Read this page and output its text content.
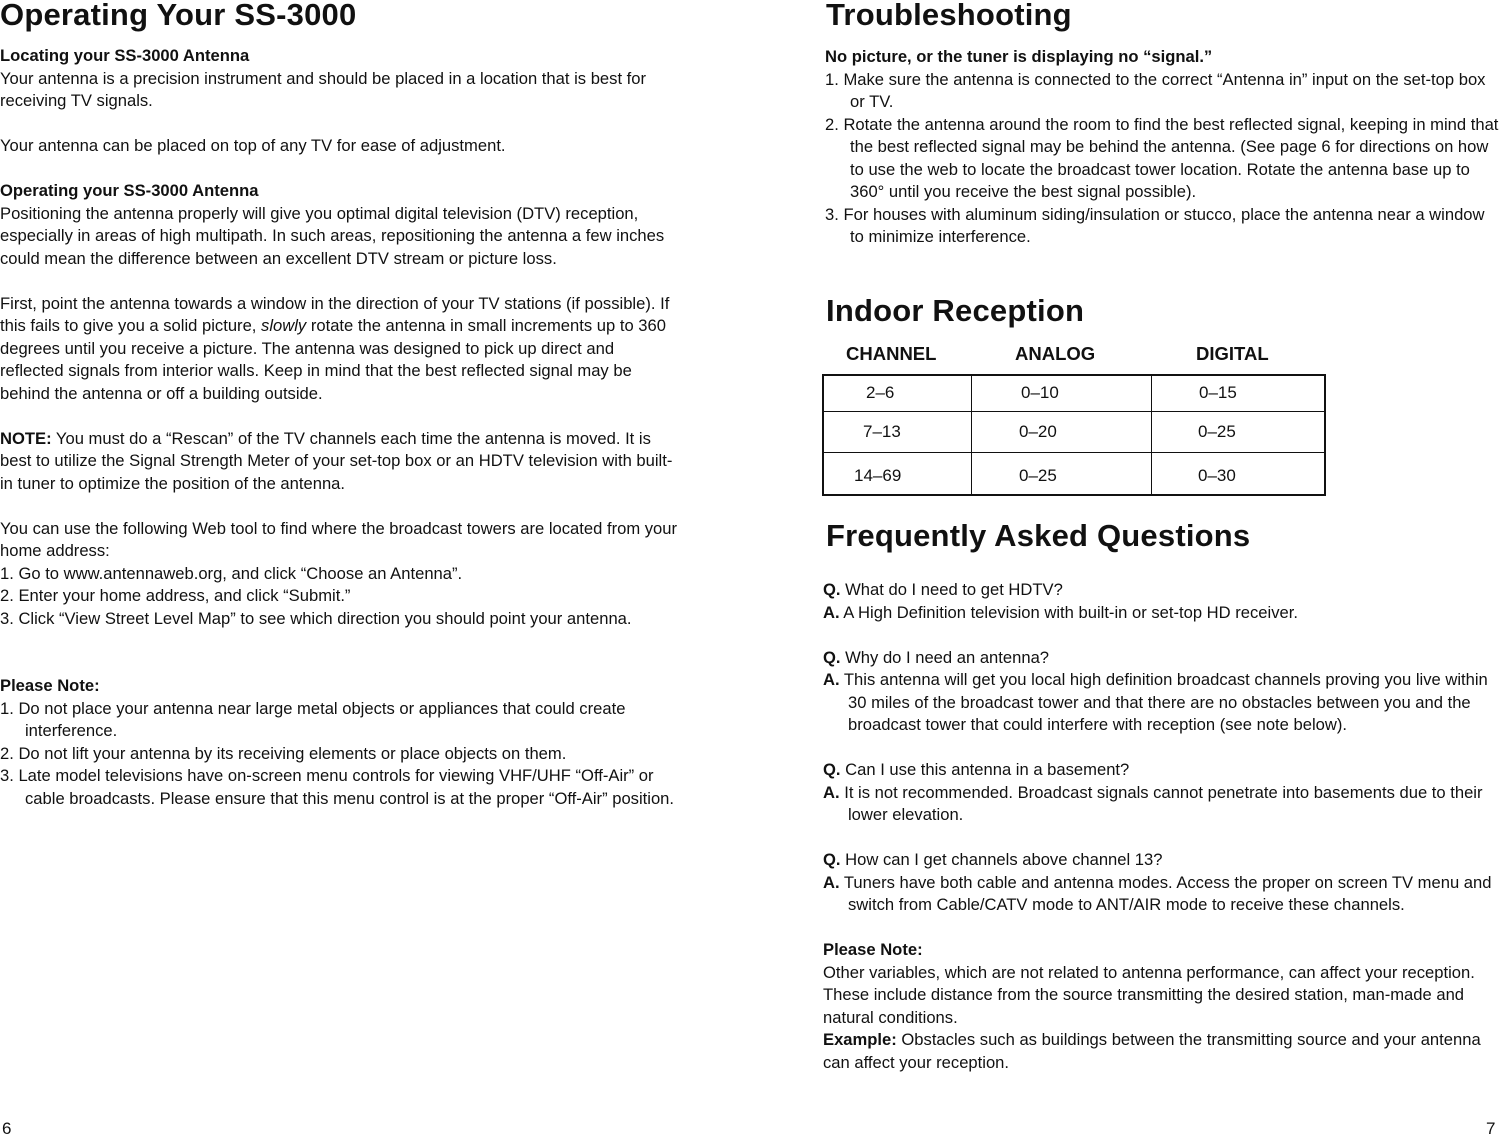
Operating Your SS-3000
Locating your SS-3000 Antenna

Your antenna is a precision instrument and should be placed in a location that is best for receiving TV signals.

Your antenna can be placed on top of any TV for ease of adjustment.

Operating your SS-3000 Antenna

Positioning the antenna properly will give you optimal digital television (DTV) reception, especially in areas of high multipath. In such areas, repositioning the antenna a few inches could mean the difference between an excellent DTV stream or picture loss.

First, point the antenna towards a window in the direction of your TV stations (if possible). If this fails to give you a solid picture, slowly rotate the antenna in small increments up to 360 degrees until you receive a picture. The antenna was designed to pick up direct and reflected signals from interior walls. Keep in mind that the best reflected signal may be behind the antenna or off a building outside.

NOTE: You must do a “Rescan” of the TV channels each time the antenna is moved. It is best to utilize the Signal Strength Meter of your set-top box or an HDTV television with built-in tuner to optimize the position of the antenna.

You can use the following Web tool to find where the broadcast towers are located from your home address:

1. Go to www.antennaweb.org, and click “Choose an Antenna”.
2. Enter your home address, and click “Submit.”
3. Click “View Street Level Map” to see which direction you should point your antenna.
Please Note:
1. Do not place your antenna near large metal objects or appliances that could create interference.
2. Do not lift your antenna by its receiving elements or place objects on them.
3. Late model televisions have on-screen menu controls for viewing VHF/UHF “Off-Air” or cable broadcasts. Please ensure that this menu control is at the proper “Off-Air” position.
6
Troubleshooting
No picture, or the tuner is displaying no “signal.”
1. Make sure the antenna is connected to the correct “Antenna in” input on the set-top box or TV.
2. Rotate the antenna around the room to find the best reflected signal, keeping in mind that the best reflected signal may be behind the antenna. (See page 6 for directions on how to use the web to locate the broadcast tower location. Rotate the antenna base up to 360° until you receive the best signal possible).
3. For houses with aluminum siding/insulation or stucco, place the antenna near a window to minimize interference.
Indoor Reception
CHANNEL	ANALOG	DIGITAL
2–6	0–10	0–15
7–13	0–20	0–25
14–69	0–25	0–30
Frequently Asked Questions
Q. What do I need to get HDTV?
A. A High Definition television with built-in or set-top HD receiver.
Q. Why do I need an antenna?
A. This antenna will get you local high definition broadcast channels proving you live within 30 miles of the broadcast tower and that there are no obstacles between you and the broadcast tower that could interfere with reception (see note below).
Q. Can I use this antenna in a basement?
A. It is not recommended. Broadcast signals cannot penetrate into basements due to their lower elevation.
Q. How can I get channels above channel 13?
A. Tuners have both cable and antenna modes. Access the proper on screen TV menu and switch from Cable/CATV mode to ANT/AIR mode to receive these channels.
Please Note:

Other variables, which are not related to antenna performance, can affect your reception. These include distance from the source transmitting the desired station, man-made and natural conditions.

Example: Obstacles such as buildings between the transmitting source and your antenna can affect your reception.

7
